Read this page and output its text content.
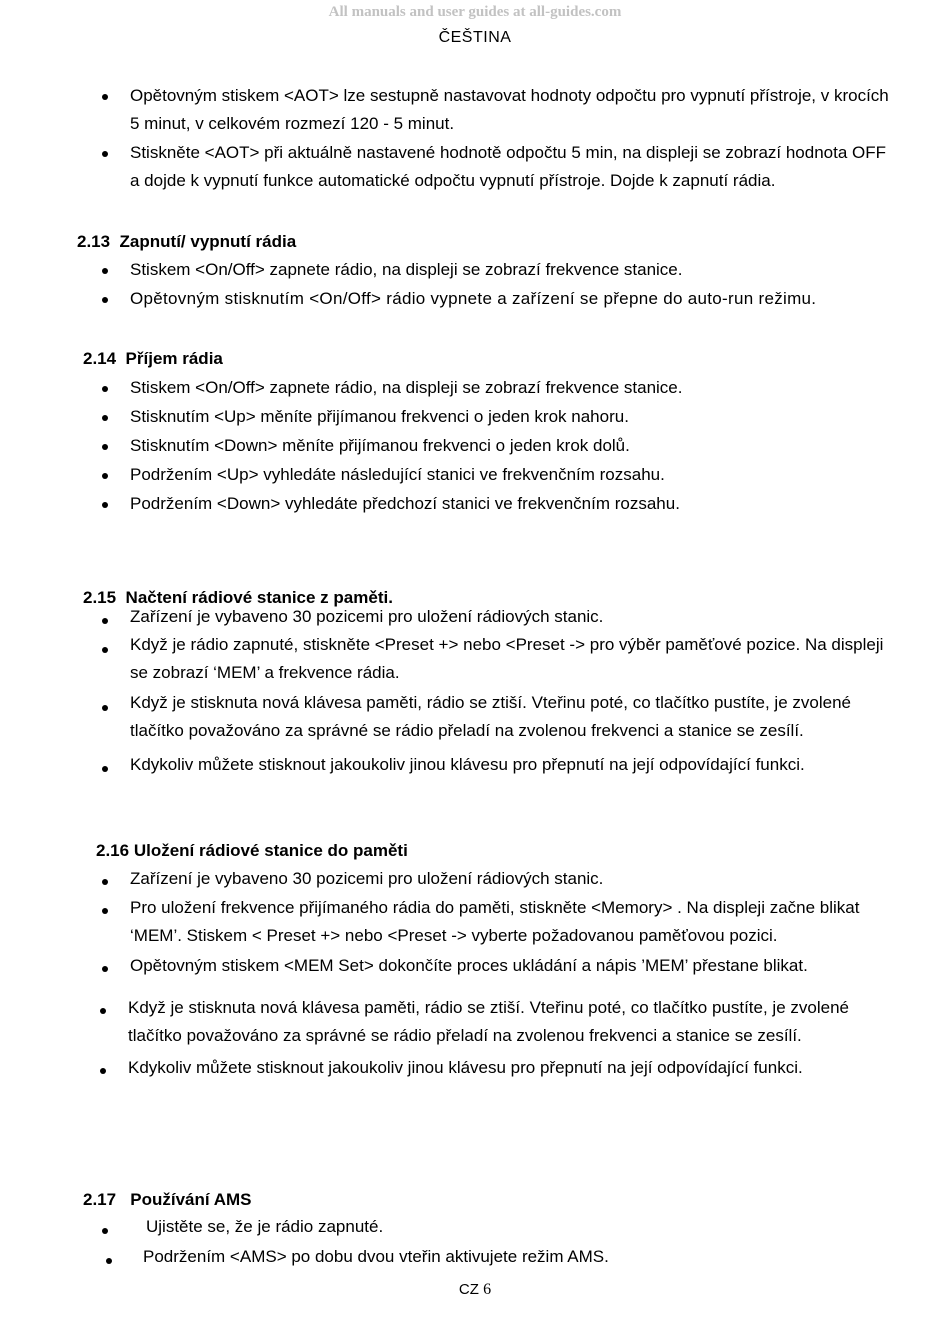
All manuals and user guides at all-guides.com
ČEŠTINA
Opětovným stiskem <AOT> lze sestupně nastavovat hodnoty odpočtu pro vypnutí přístroje, v krocích 5 minut, v celkovém rozmezí 120 - 5 minut.
Stiskněte <AOT> při aktuálně nastavené hodnotě odpočtu 5 min, na displeji se zobrazí hodnota OFF a dojde k vypnutí funkce automatické odpočtu vypnutí přístroje. Dojde k zapnutí rádia.
2.13 Zapnutí/ vypnutí rádia
Stiskem <On/Off> zapnete rádio, na displeji se zobrazí frekvence stanice.
Opětovným stisknutím <On/Off> rádio vypnete a zařízení se přepne do auto-run režimu.
2.14 Příjem rádia
Stiskem <On/Off> zapnete rádio, na displeji se zobrazí frekvence stanice.
Stisknutím <Up> měníte přijímanou frekvenci o jeden krok nahoru.
Stisknutím <Down> měníte přijímanou frekvenci o jeden krok dolů.
Podržením <Up> vyhledáte následující stanici ve frekvenčním rozsahu.
Podržením <Down> vyhledáte předchozí stanici ve frekvenčním rozsahu.
2.15 Načtení rádiové stanice z paměti.
Zařízení je vybaveno 30 pozicemi pro uložení rádiových stanic.
Když je rádio zapnuté, stiskněte <Preset +> nebo <Preset -> pro výběr paměťové pozice. Na displeji se zobrazí ‘MEM’ a frekvence rádia.
Když je stisknuta nová klávesa paměti, rádio se ztiší. Vteřinu poté, co tlačítko pustíte, je zvolené tlačítko považováno za správné se rádio přeladí na zvolenou frekvenci a stanice se zesílí.
Kdykoliv můžete stisknout jakoukoliv jinou klávesu pro přepnutí na její odpovídající funkci.
2.16 Uložení rádiové stanice do paměti
Zařízení je vybaveno 30 pozicemi pro uložení rádiových stanic.
Pro uložení frekvence přijímaného rádia do paměti, stiskněte <Memory> . Na displeji začne blikat ‘MEM’. Stiskem < Preset +> nebo <Preset -> vyberte požadovanou paměťovou pozici.
Opětovným stiskem <MEM Set> dokončíte proces ukládání a nápis ’MEM’ přestane blikat.
Když je stisknuta nová klávesa paměti, rádio se ztiší. Vteřinu poté, co tlačítko pustíte, je zvolené tlačítko považováno za správné se rádio přeladí na zvolenou frekvenci a stanice se zesílí.
Kdykoliv můžete stisknout jakoukoliv jinou klávesu pro přepnutí na její odpovídající funkci.
2.17 Používání AMS
Ujistěte se, že je rádio zapnuté.
Podržením <AMS> po dobu dvou vteřin aktivujete režim AMS.
CZ 6
